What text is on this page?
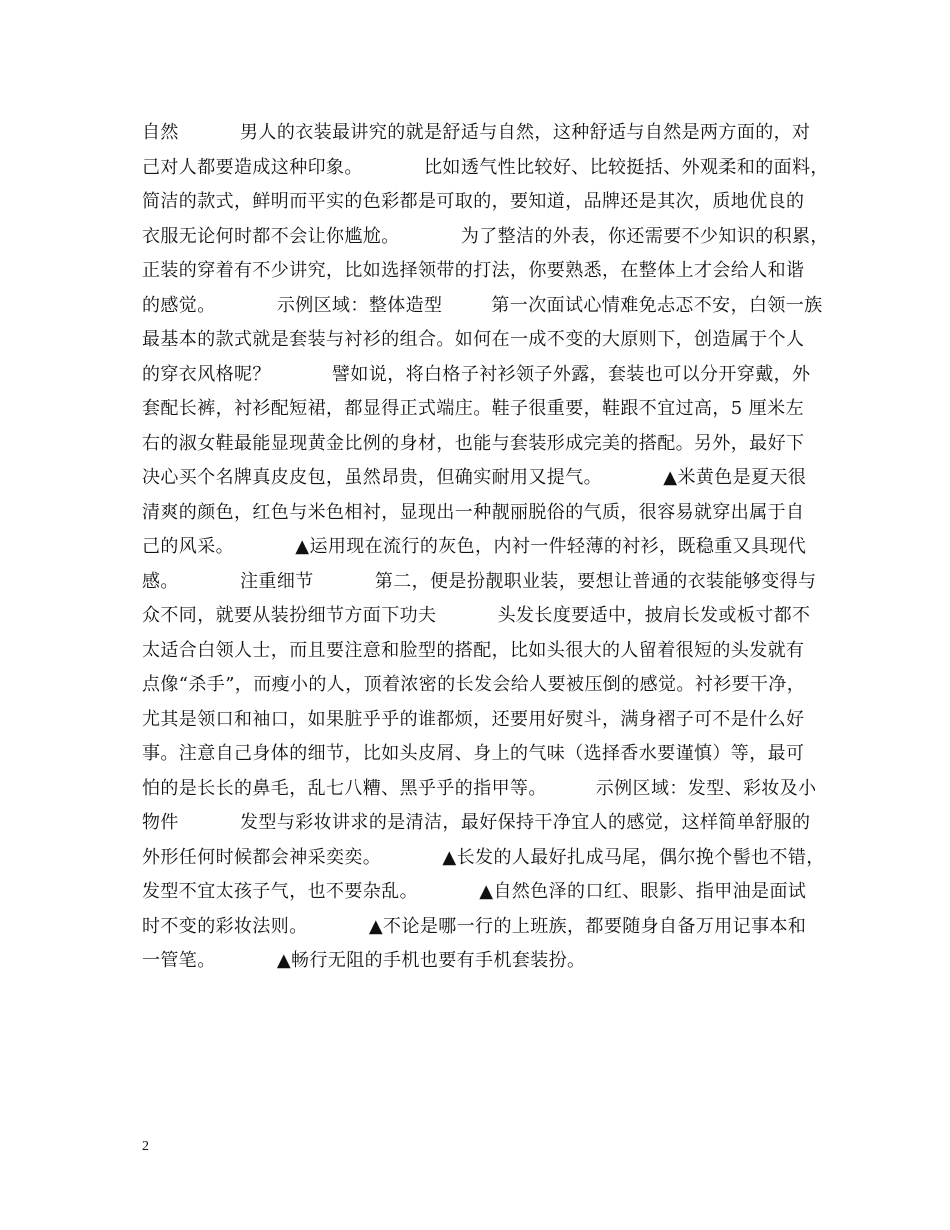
自然          男人的衣装最讲究的就是舒适与自然，这种舒适与自然是两方面的，对
己对人都要造成这种印象。          比如透气性比较好、比较挺括、外观柔和的面料，
简洁的款式，鲜明而平实的色彩都是可取的，要知道，品牌还是其次，质地优良的
衣服无论何时都不会让你尴尬。          为了整洁的外表，你还需要不少知识的积累，
正装的穿着有不少讲究，比如选择领带的打法，你要熟悉，在整体上才会给人和谐
的感觉。          示例区域：整体造型        第一次面试心情难免忐忑不安，白领一族
最基本的款式就是套装与衬衫的组合。如何在一成不变的大原则下，创造属于个人
的穿衣风格呢？          譬如说，将白格子衬衫领子外露，套装也可以分开穿戴，外
套配长裤，衬衫配短裙，都显得正式端庄。鞋子很重要，鞋跟不宜过高，5 厘米左
右的淑女鞋最能显现黄金比例的身材，也能与套装形成完美的搭配。另外，最好下
决心买个名牌真皮皮包，虽然昂贵，但确实耐用又提气。          ▲米黄色是夏天很
清爽的颜色，红色与米色相衬，显现出一种靓丽脱俗的气质，很容易就穿出属于自
己的风采。          ▲运用现在流行的灰色，内衬一件轻薄的衬衫，既稳重又具现代
感。          注重细节          第二，便是扮靓职业装，要想让普通的衣装能够变得与
众不同，就要从装扮细节方面下功夫          头发长度要适中，披肩长发或板寸都不
太适合白领人士，而且要注意和脸型的搭配，比如头很大的人留着很短的头发就有
点像“杀手”，而瘦小的人，顶着浓密的长发会给人要被压倒的感觉。衬衫要干净，
尤其是领口和袖口，如果脏乎乎的谁都烦，还要用好熨斗，满身褶子可不是什么好
事。注意自己身体的细节，比如头皮屑、身上的气味（选择香水要谨慎）等，最可
怕的是长长的鼻毛，乱七八糟、黑乎乎的指甲等。        示例区域：发型、彩妆及小
物件          发型与彩妆讲求的是清洁，最好保持干净宜人的感觉，这样简单舒服的
外形任何时候都会神采奕奕。          ▲长发的人最好扎成马尾，偶尔挽个髻也不错，
发型不宜太孩子气，也不要杂乱。          ▲自然色泽的口红、眼影、指甲油是面试
时不变的彩妆法则。          ▲不论是哪一行的上班族，都要随身自备万用记事本和
一管笔。          ▲畅行无阻的手机也要有手机套装扮。
2
